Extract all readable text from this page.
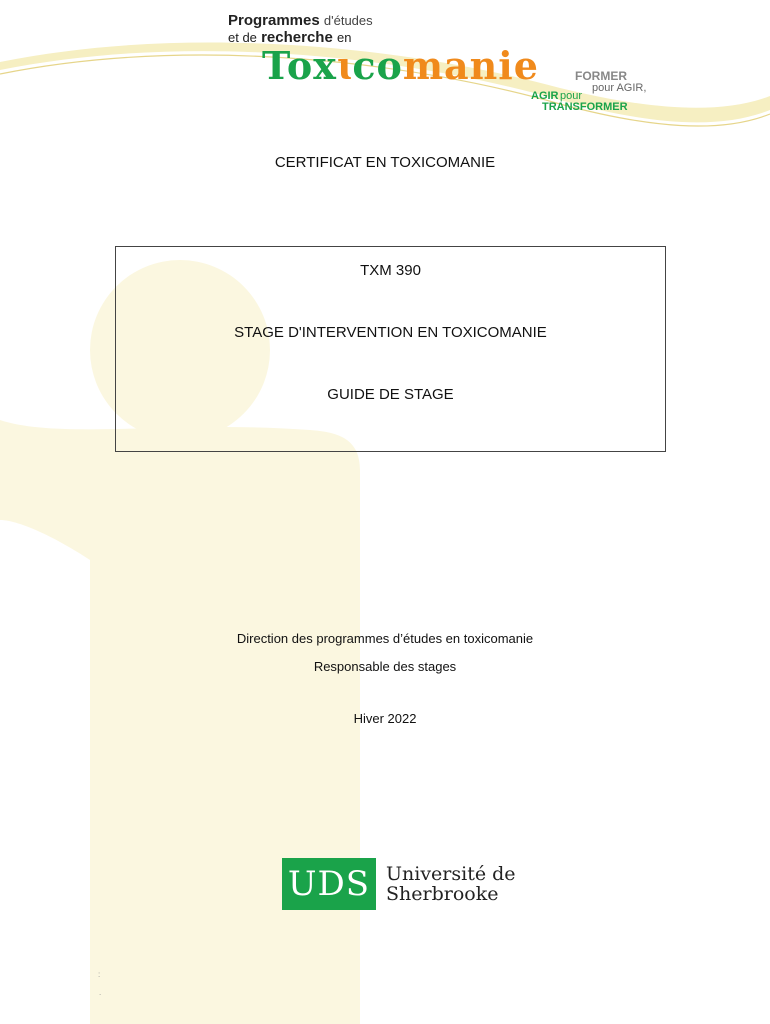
Programmes d'études
et de recherche en
Toxɩcomanie	FORMER
pour AGIR,
AGIR pour
TRANSFORMER
CERTIFICAT EN TOXICOMANIE
TXM 390
STAGE D'INTERVENTION EN TOXICOMANIE
GUIDE DE STAGE
Direction des programmes d’études en toxicomanie
Responsable des stages
Hiver 2022
UDS Université de
Sherbrooke
:
.
